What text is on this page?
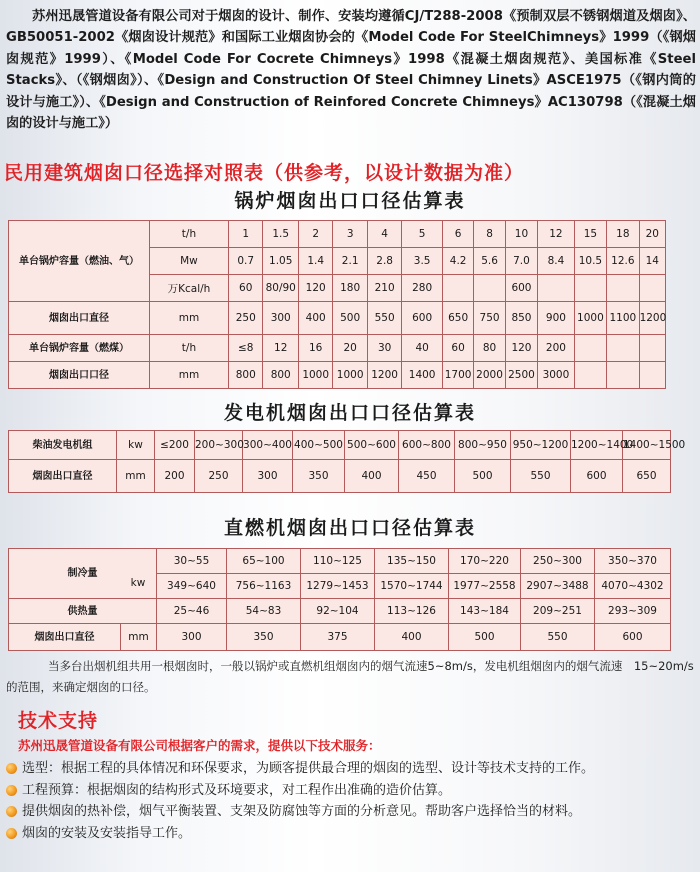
苏州迅晟管道设备有限公司对于烟囱的设计、制作、安装均遵循CJ/T288-2008《预制双层不锈钢烟道及烟囱》、GB50051-2002《烟囱设计规范》和国际工业烟囱协会的《Model Code For SteelChimneys》1999（《钢烟囱规范》1999）、《Model Code For Cocrete Chimneys》1998《混凝土烟囱规范》、美国标准《Steel Stacks》、（《钢烟囱》）、《Design and Construction Of Steel Chimney Linets》ASCE1975（《钢内筒的设计与施工》）、《Design and Construction of Reinfored Concrete Chimneys》AC130798（《混凝土烟囱的设计与施工》）
民用建筑烟囱口径选择对照表（供参考，以设计数据为准）
锅炉烟囱出口口径估算表
单台锅炉容量（燃油、气）	t/h	1	1.5	2	3	4	5	6	8	10	12	15	18	20
	Mw	0.7	1.05	1.4	2.1	2.8	3.5	4.2	5.6	7.0	8.4	10.5	12.6	14
	万Kcal/h	60	80/90	120	180	210	280			600				
烟囱出口直径	mm	250	300	400	500	550	600	650	750	850	900	1000	1100	1200
单台锅炉容量（燃煤）	t/h	≤8	12	16	20	30	40	60	80	120	200			
烟囱出口口径	mm	800	800	1000	1000	1200	1400	1700	2000	2500	3000			
发电机烟囱出口口径估算表
柴油发电机组	kw	≤200	200~300	300~400	400~500	500~600	600~800	800~950	950~1200	1200~1400	1400~1500
烟囱出口直径	mm	200	250	300	350	400	450	500	550	600	650
直燃机烟囱出口口径估算表
制冷量		30~55	65~100	110~125	135~150	170~220	250~300	350~370
		349~640	756~1163	1279~1453	1570~1744	1977~2558	2907~3488	4070~4302
供热量		25~46	54~83	92~104	113~126	143~184	209~251	293~309
烟囱出口直径	mm	300	350	375	400	500	550	600
kw
当多台出烟机组共用一根烟囱时，一般以锅炉或直燃机组烟囱内的烟气流速5~8m/s，发电机组烟囱内的烟气流速　15~20m/s的范围，来确定烟囱的口径。
技术支持
苏州迅晟管道设备有限公司根据客户的需求，提供以下技术服务：
选型：根据工程的具体情况和环保要求，为顾客提供最合理的烟囱的选型、设计等技术支持的工作。
工程预算：根据烟囱的结构形式及环境要求，对工程作出准确的造价估算。
提供烟囱的热补偿，烟气平衡装置、支架及防腐蚀等方面的分析意见。帮助客户选择恰当的材料。
烟囱的安装及安装指导工作。
